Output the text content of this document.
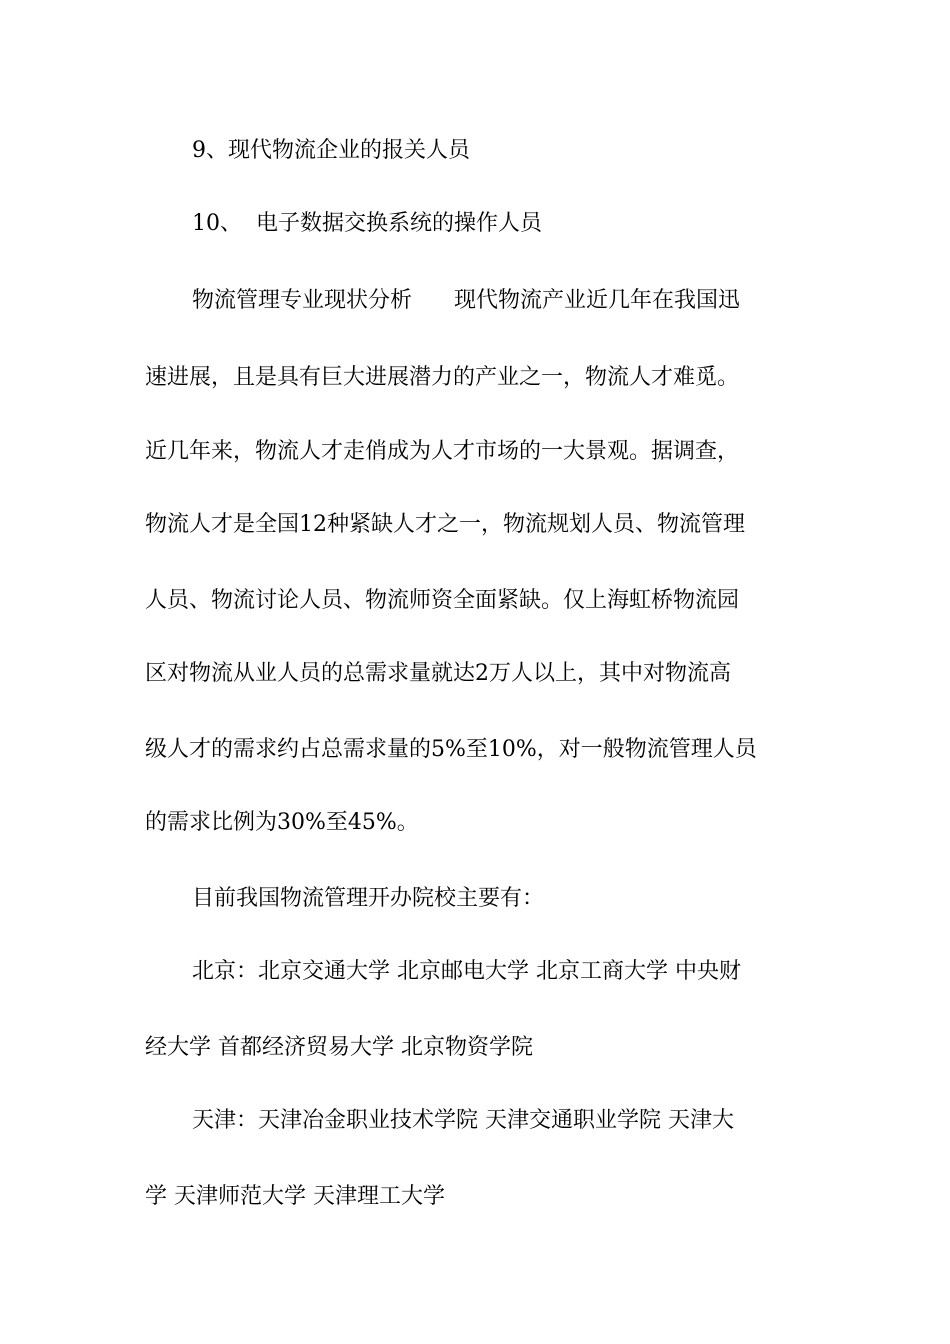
9、现代物流企业的报关人员
10、  电子数据交换系统的操作人员
物流管理专业现状分析      现代物流产业近几年在我国迅
速进展，且是具有巨大进展潜力的产业之一，物流人才难觅。
近几年来，物流人才走俏成为人才市场的一大景观。据调查，
物流人才是全国12种紧缺人才之一，物流规划人员、物流管理
人员、物流讨论人员、物流师资全面紧缺。仅上海虹桥物流园
区对物流从业人员的总需求量就达2万人以上，其中对物流高
级人才的需求约占总需求量的5%至10%，对一般物流管理人员
的需求比例为30%至45%。
目前我国物流管理开办院校主要有：
北京：北京交通大学 北京邮电大学 北京工商大学 中央财
经大学 首都经济贸易大学 北京物资学院
天津：天津冶金职业技术学院 天津交通职业学院 天津大
学 天津师范大学 天津理工大学
